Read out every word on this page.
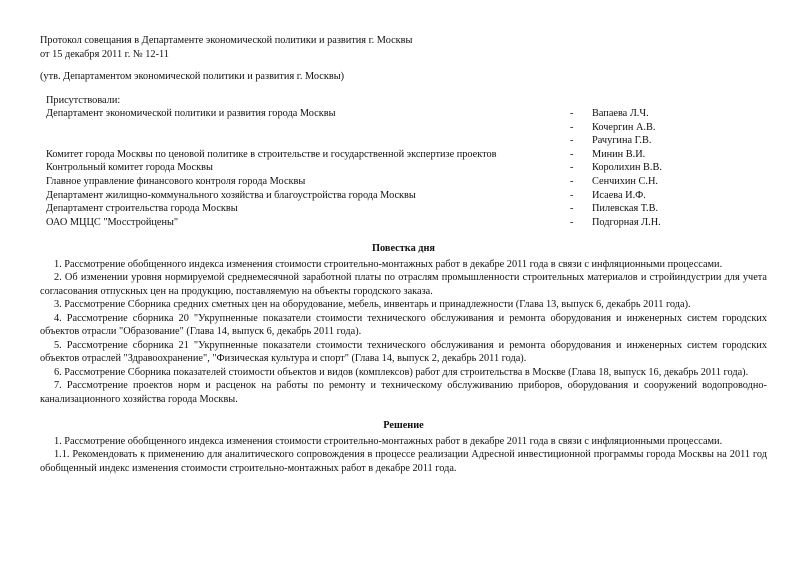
Протокол совещания в Департаменте экономической политики и развития г. Москвы
от 15 декабря 2011 г. № 12-11
(утв. Департаментом экономической политики и развития г. Москвы)
Присутствовали:
Департамент экономической политики и развития города Москвы	- Вапаева Л.Ч.
- Кочергин А.В.
- Рачугина Г.В.
Комитет города Москвы по ценовой политике в строительстве и государственной экспертизе проектов	- Минин В.И.
Контрольный комитет города Москвы	- Королихин В.В.
Главное управление финансового контроля города Москвы	- Сенчихин С.Н.
Департамент жилищно-коммунального хозяйства и благоустройства города Москвы	- Исаева И.Ф.
Департамент строительства города Москвы	- Пилевская Т.В.
ОАО МЦЦС "Мосстройцены"	- Подгорная Л.Н.
Повестка дня

1. Рассмотрение обобщенного индекса изменения стоимости строительно-монтажных работ в декабре 2011 года в связи с инфляционными процессами.

2. Об изменении уровня нормируемой среднемесячной заработной платы по отраслям промышленности строительных материалов и стройиндустрии для учета согласования отпускных цен на продукцию, поставляемую на объекты городского заказа.

3. Рассмотрение Сборника средних сметных цен на оборудование, мебель, инвентарь и принадлежности (Глава 13, выпуск 6, декабрь 2011 года).

4. Рассмотрение сборника 20 "Укрупненные показатели стоимости технического обслуживания и ремонта оборудования и инженерных систем городских объектов отрасли "Образование" (Глава 14, выпуск 6, декабрь 2011 года).

5. Рассмотрение сборника 21 "Укрупненные показатели стоимости технического обслуживания и ремонта оборудования и инженерных систем городских объектов отраслей "Здравоохранение", "Физическая культура и спорт" (Глава 14, выпуск 2, декабрь 2011 года).

6. Рассмотрение Сборника показателей стоимости объектов и видов (комплексов) работ для строительства в Москве (Глава 18, выпуск 16, декабрь 2011 года).

7. Рассмотрение проектов норм и расценок на работы по ремонту и техническому обслуживанию приборов, оборудования и сооружений водопроводно-канализационного хозяйства города Москвы.

Решение

1. Рассмотрение обобщенного индекса изменения стоимости строительно-монтажных работ в декабре 2011 года в связи с инфляционными процессами.

1.1. Рекомендовать к применению для аналитического сопровождения в процессе реализации Адресной инвестиционной программы города Москвы на 2011 год обобщенный индекс изменения стоимости строительно-монтажных работ в декабре 2011 года.
